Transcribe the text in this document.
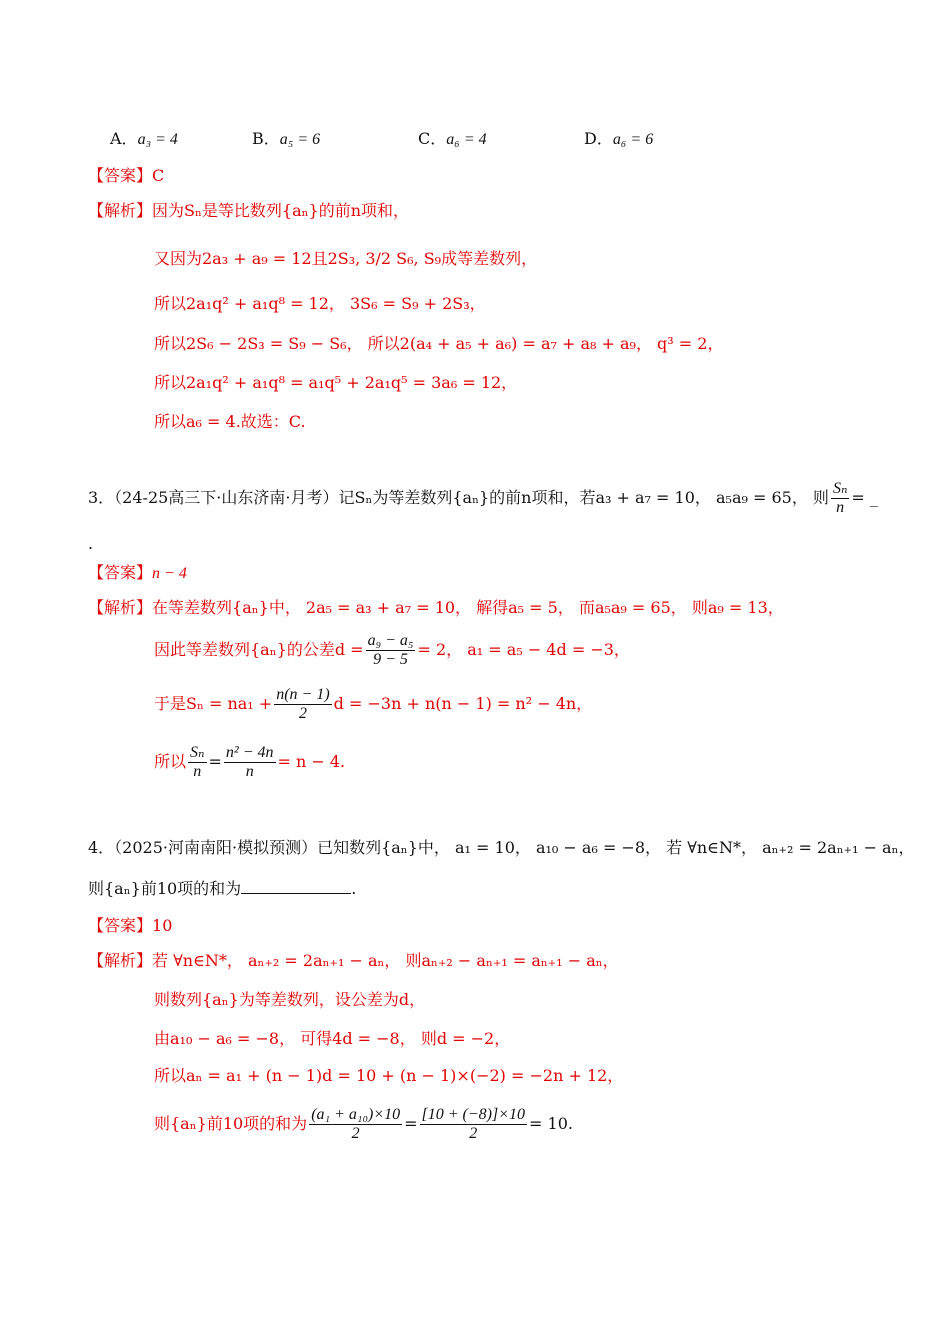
A．a₃ = 4	B．a₅ = 6	C．a₆ = 4	D．a₆ = 6
【答案】C
【解析】因为Sₙ是等比数列{aₙ}的前n项和，
又因为2a₃ + a₉ = 12且2S₃, 3/2 S₆, S₉成等差数列，
所以2a₁q² + a₁q⁸ = 12， 3S₆ = S₉ + 2S₃，
所以2S₆ − 2S₃ = S₉ − S₆， 所以2(a₄ + a₅ + a₆) = a₇ + a₈ + a₉， q³ = 2，
所以2a₁q² + a₁q⁸ = a₁q⁵ + 2a₁q⁵ = 3a₆ = 12，
所以a₆ = 4.故选：C.
3．（24-25高三下·山东济南·月考）记Sₙ为等差数列{aₙ}的前n项和，若a₃ + a₇ = 10， a₅a₉ = 65， 则 $\frac{\text{Sₙ}}{n}$ = _
.
【答案】n − 4
【解析】在等差数列{aₙ}中， 2a₅ = a₃ + a₇ = 10， 解得a₅ = 5， 而a₅a₉ = 65， 则a₉ = 13，
因此等差数列{aₙ}的公差$d = \frac{\text{a₉ − a₅}}{9 - 5} = 2$， a₁ = a₅ − 4d = −3，
于是$S_n = na_1 + \frac{n(n - 1)}{2}$ d = −3n + n(n − 1) = n² − 4n，
所以 $\frac{\text{Sₙ}}{n} = \frac{\text{n² − 4n}}{n} = n - 4$.
4．（2025·河南南阳·模拟预测）已知数列{aₙ}中， a₁ = 10， a₁₀ − a₆ = −8， 若 ∀n∈N*， aₙ₊₂ = 2aₙ₊₁ − aₙ，
则{aₙ}前10项的和为	.
【答案】10
【解析】若 ∀n∈N*， aₙ₊₂ = 2aₙ₊₁ − aₙ， 则aₙ₊₂ − aₙ₊₁ = aₙ₊₁ − aₙ，
则数列{aₙ}为等差数列，设公差为d，
由a₁₀ − a₆ = −8， 可得4d = −8， 则d = −2，
所以aₙ = a₁ + (n − 1)d = 10 + (n − 1)×(−2) = −2n + 12，
则{aₙ}前10项的和为 $\frac{\text{(a₁ + a₁₀)×10}}{2} = \frac{[10 + (-8)]\times 10}{2} = 10$.
